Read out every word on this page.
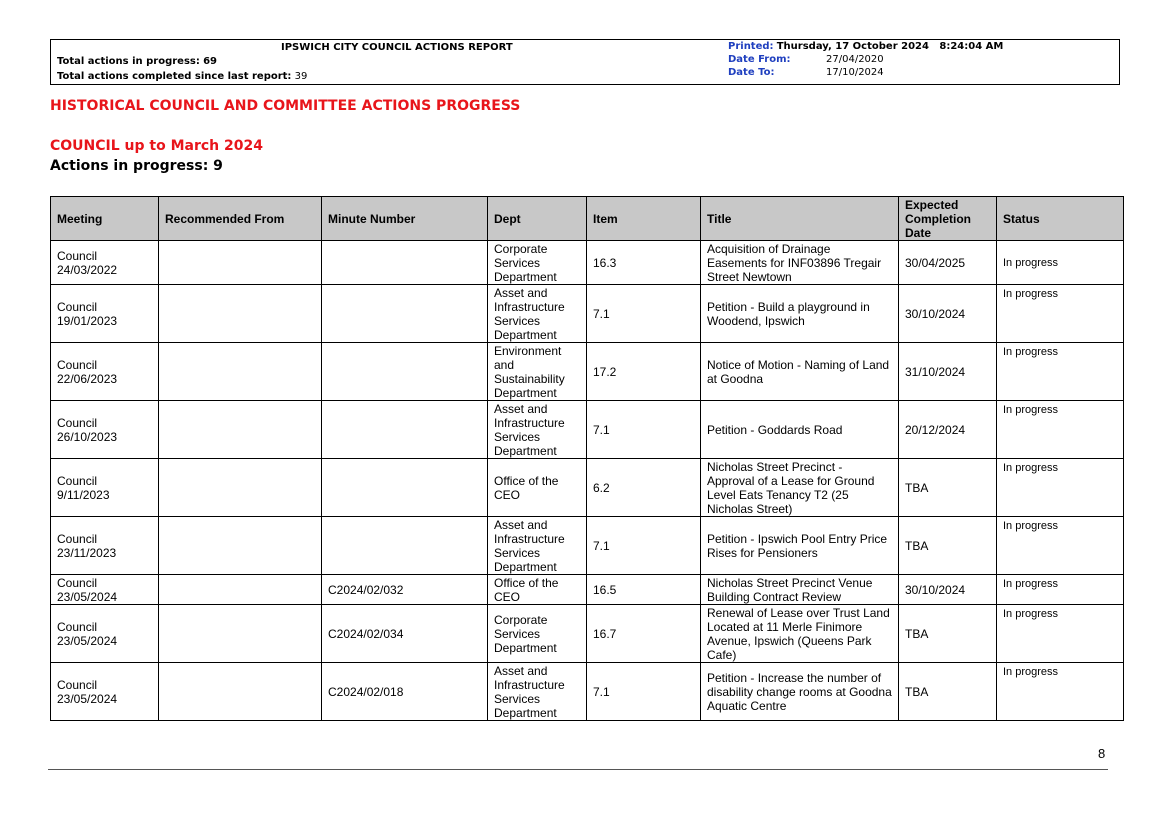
IPSWICH CITY COUNCIL ACTIONS REPORT
Total actions in progress: 69
Total actions completed since last report: 39
Printed: Thursday, 17 October 2024   8:24:04 AM
Date From:	27/04/2020
Date To:	17/10/2024
HISTORICAL COUNCIL AND COMMITTEE ACTIONS PROGRESS
COUNCIL up to March 2024
Actions in progress: 9
Meeting	Recommended From	Minute Number	Dept	Item	Title	Expected Completion Date	Status
Council 24/03/2022			Corporate Services Department	16.3	Acquisition of Drainage Easements for INF03896 Tregair Street Newtown	30/04/2025	In progress
Council 19/01/2023			Asset and Infrastructure Services Department	7.1	Petition - Build a playground in Woodend, Ipswich	30/10/2024	In progress
Council 22/06/2023			Environment and Sustainability Department	17.2	Notice of Motion - Naming of Land at Goodna	31/10/2024	In progress
Council 26/10/2023			Asset and Infrastructure Services Department	7.1	Petition - Goddards Road	20/12/2024	In progress
Council 9/11/2023			Office of the CEO	6.2	Nicholas Street Precinct - Approval of a Lease for Ground Level Eats Tenancy T2 (25 Nicholas Street)	TBA	In progress
Council 23/11/2023			Asset and Infrastructure Services Department	7.1	Petition - Ipswich Pool Entry Price Rises for Pensioners	TBA	In progress
Council 23/05/2024		C2024/02/032	Office of the CEO	16.5	Nicholas Street Precinct Venue Building Contract Review	30/10/2024	In progress
Council 23/05/2024		C2024/02/034	Corporate Services Department	16.7	Renewal of Lease over Trust Land Located at 11 Merle Finimore Avenue, Ipswich (Queens Park Cafe)	TBA	In progress
Council 23/05/2024		C2024/02/018	Asset and Infrastructure Services Department	7.1	Petition - Increase the number of disability change rooms at Goodna Aquatic Centre	TBA	In progress
8
